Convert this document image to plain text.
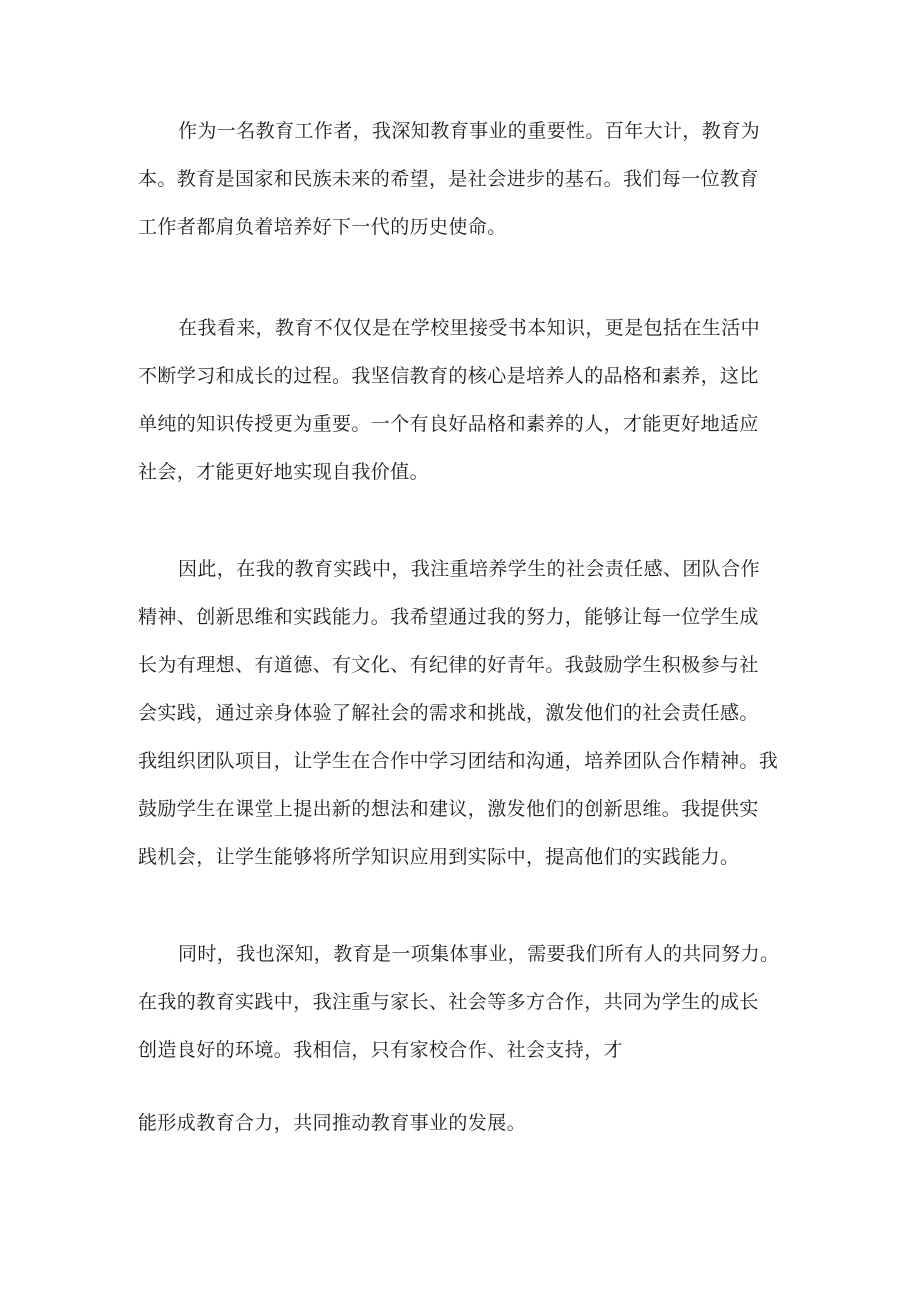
作为一名教育工作者，我深知教育事业的重要性。百年大计，教育为
本。教育是国家和民族未来的希望，是社会进步的基石。我们每一位教育
工作者都肩负着培养好下一代的历史使命。
在我看来，教育不仅仅是在学校里接受书本知识，更是包括在生活中
不断学习和成长的过程。我坚信教育的核心是培养人的品格和素养，这比
单纯的知识传授更为重要。一个有良好品格和素养的人，才能更好地适应
社会，才能更好地实现自我价值。
因此，在我的教育实践中，我注重培养学生的社会责任感、团队合作
精神、创新思维和实践能力。我希望通过我的努力，能够让每一位学生成
长为有理想、有道德、有文化、有纪律的好青年。我鼓励学生积极参与社
会实践，通过亲身体验了解社会的需求和挑战，激发他们的社会责任感。
我组织团队项目，让学生在合作中学习团结和沟通，培养团队合作精神。我
鼓励学生在课堂上提出新的想法和建议，激发他们的创新思维。我提供实
践机会，让学生能够将所学知识应用到实际中，提高他们的实践能力。
同时，我也深知，教育是一项集体事业，需要我们所有人的共同努力。
在我的教育实践中，我注重与家长、社会等多方合作，共同为学生的成长
创造良好的环境。我相信，只有家校合作、社会支持，才
能形成教育合力，共同推动教育事业的发展。
